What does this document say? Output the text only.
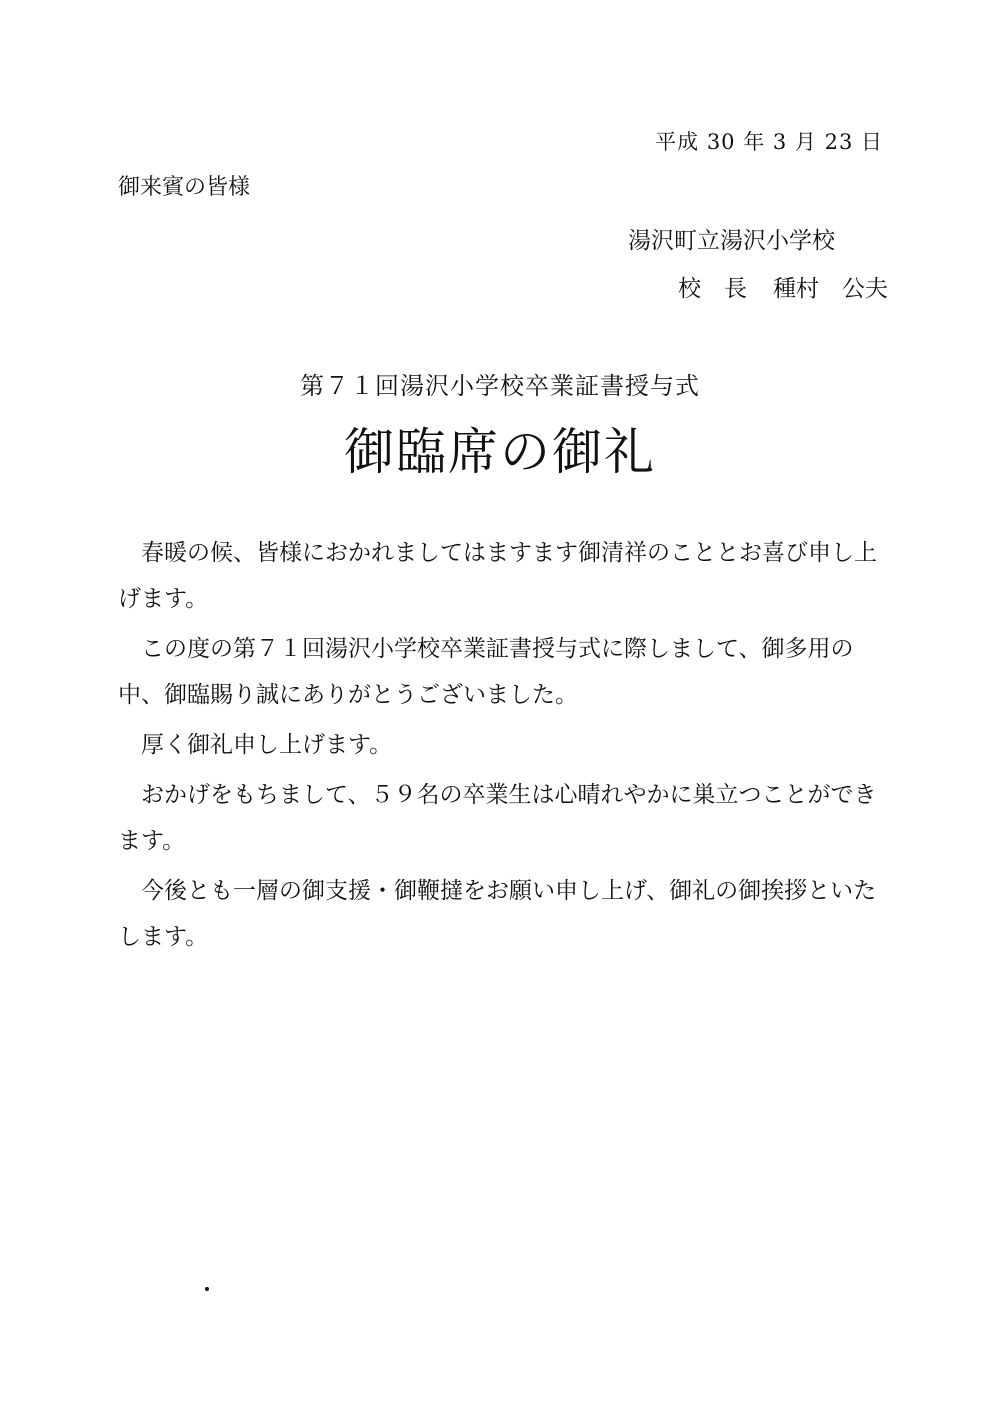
平成 30 年 3 月 23 日
御来賓の皆様
湯沢町立湯沢小学校
校　長 種村　公夫
第７１回湯沢小学校卒業証書授与式
御臨席の御礼

春暖の候、皆様におかれましてはますます御清祥のこととお喜び申し上げます。

この度の第７１回湯沢小学校卒業証書授与式に際しまして、御多用の中、御臨賜り誠にありがとうございました。

厚く御礼申し上げます。

おかげをもちまして、５９名の卒業生は心晴れやかに巣立つことができます。

今後とも一層の御支援・御鞭撻をお願い申し上げ、御礼の御挨拶といたします。
